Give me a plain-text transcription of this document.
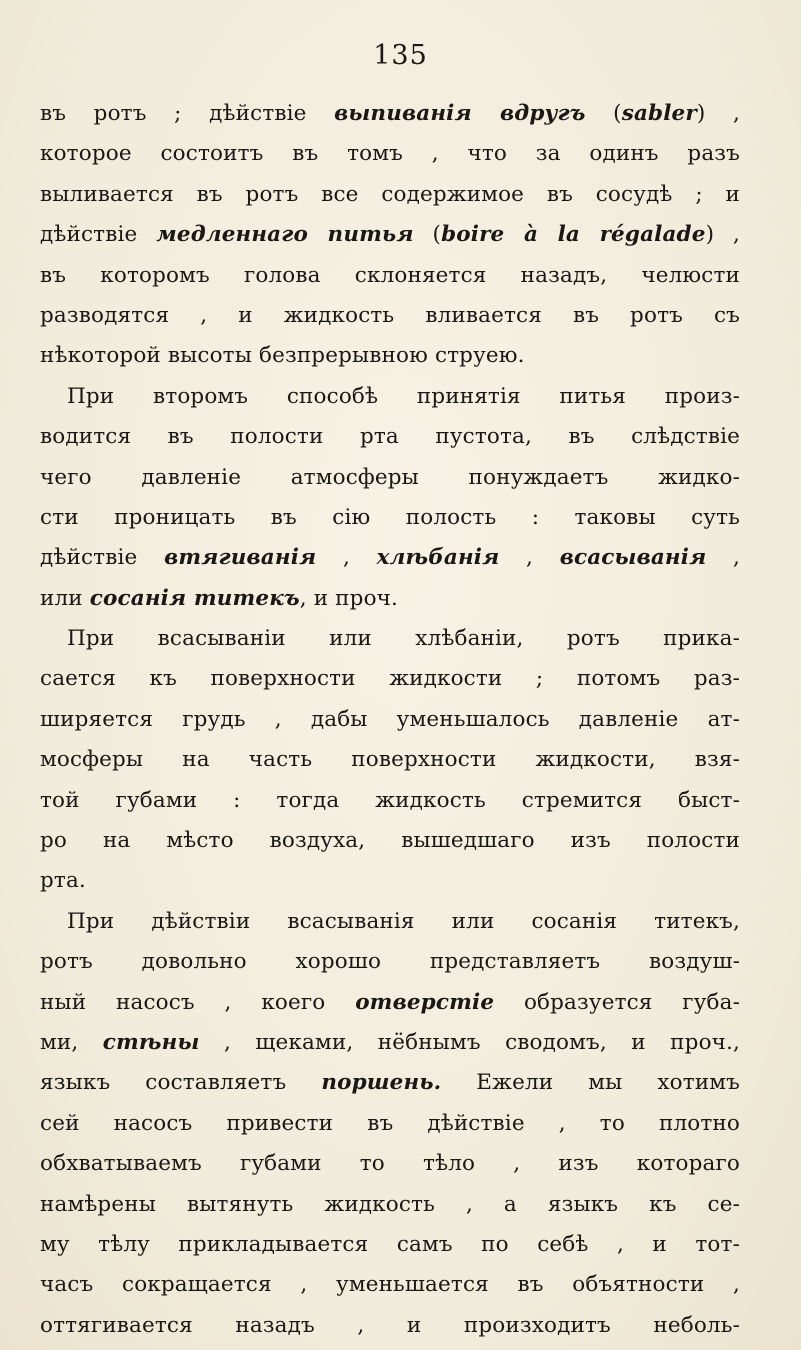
135
въ ротъ ; дѣйствіе выпиванія вдругъ (sabler) ,
которое состоитъ въ томъ , что за одинъ разъ
выливается въ ротъ все содержимое въ сосудѣ ; и
дѣйствіе медленнаго питья (boire à la régalade) ,
въ которомъ голова склоняется назадъ, челюсти
разводятся , и жидкость вливается въ ротъ съ
нѣкоторой высоты безпрерывною струею.
При второмъ способѣ принятія питья произ-
водится въ полости рта пустота, въ слѣдствіе
чего давленіе атмосферы понуждаетъ жидко-
сти проницать въ сію полость : таковы суть
дѣйствіе втягиванія , хлѣбанія , всасыванія ,
или сосанія титекъ, и проч.
При всасываніи или хлѣбаніи, ротъ прика-
сается къ поверхности жидкости ; потомъ раз-
ширяется грудь , дабы уменьшалось давленіе ат-
мосферы на часть поверхности жидкости, взя-
той губами : тогда жидкость стремится быст-
ро на мѣсто воздуха, вышедшаго изъ полости
рта.
При дѣйствіи всасыванія или сосанія титекъ,
ротъ довольно хорошо представляетъ воздуш-
ный насосъ , коего отверстіе образуется губа-
ми, стѣны , щеками, нёбнымъ сводомъ, и проч.,
языкъ составляетъ поршень. Ежели мы хотимъ
сей насосъ привести въ дѣйствіе , то плотно
обхватываемъ губами то тѣло , изъ котораго
намѣрены вытянуть жидкость , а языкъ къ се-
му тѣлу прикладывается самъ по себѣ , и тот-
часъ сокращается , уменьшается въ объятности ,
оттягивается назадъ , и произходитъ неболь-
